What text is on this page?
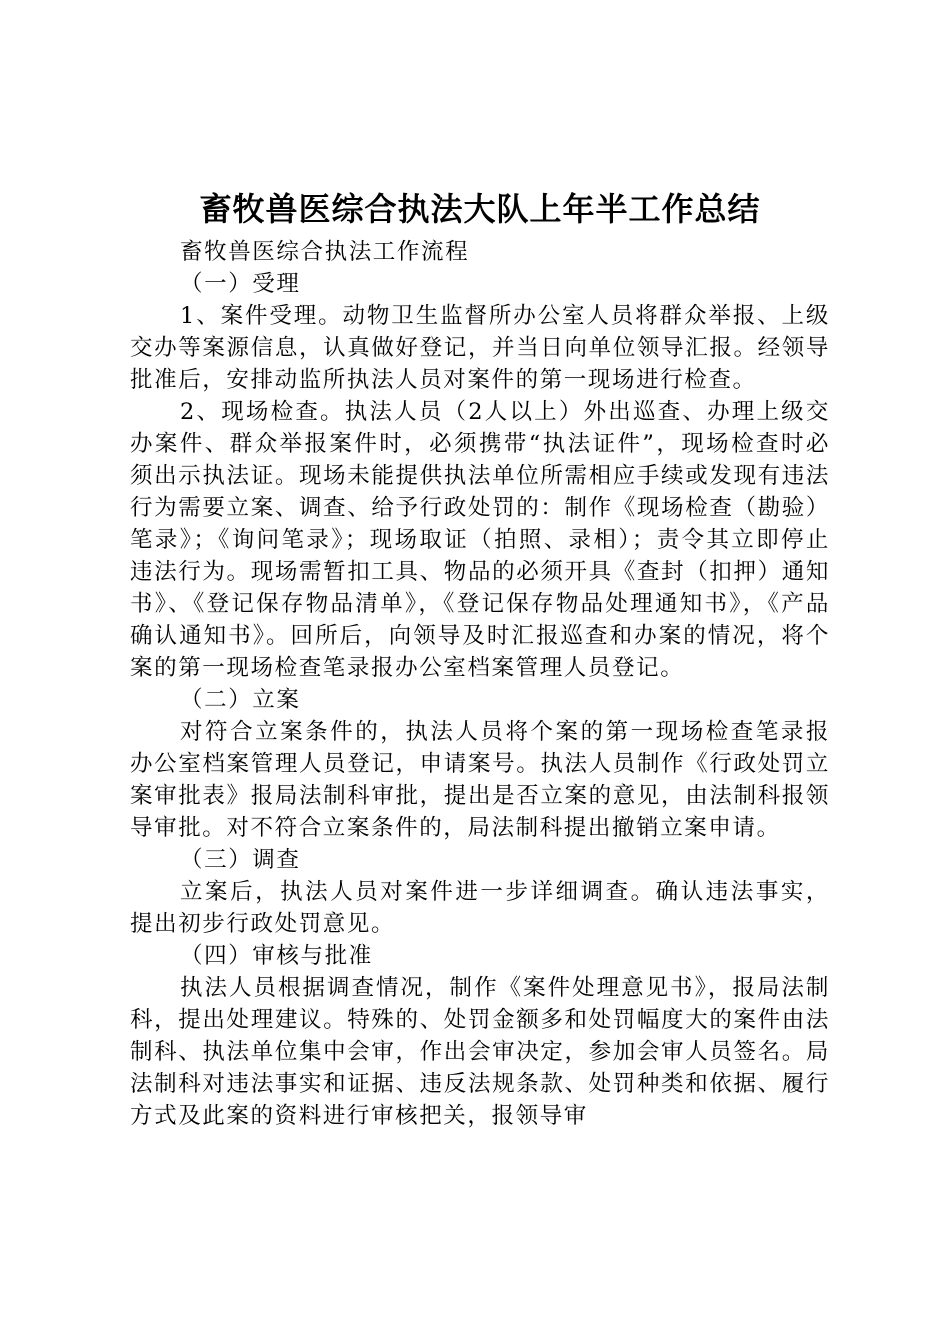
畜牧兽医综合执法大队上年半工作总结

畜牧兽医综合执法工作流程

（一）受理

1、案件受理。动物卫生监督所办公室人员将群众举报、上级交办等案源信息，认真做好登记，并当日向单位领导汇报。经领导批准后，安排动监所执法人员对案件的第一现场进行检查。

2、现场检查。执法人员（2人以上）外出巡查、办理上级交办案件、群众举报案件时，必须携带“执法证件”，现场检查时必须出示执法证。现场未能提供执法单位所需相应手续或发现有违法行为需要立案、调查、给予行政处罚的：制作《现场检查（勘验）笔录》；《询问笔录》；现场取证（拍照、录相）；责令其立即停止违法行为。现场需暂扣工具、物品的必须开具《查封（扣押）通知书》、《登记保存物品清单》，《登记保存物品处理通知书》，《产品确认通知书》。回所后，向领导及时汇报巡查和办案的情况，将个案的第一现场检查笔录报办公室档案管理人员登记。

（二）立案

对符合立案条件的，执法人员将个案的第一现场检查笔录报办公室档案管理人员登记，申请案号。执法人员制作《行政处罚立案审批表》报局法制科审批，提出是否立案的意见，由法制科报领导审批。对不符合立案条件的，局法制科提出撤销立案申请。

（三）调查

立案后，执法人员对案件进一步详细调查。确认违法事实，提出初步行政处罚意见。

（四）审核与批准

执法人员根据调查情况，制作《案件处理意见书》，报局法制科，提出处理建议。特殊的、处罚金额多和处罚幅度大的案件由法制科、执法单位集中会审，作出会审决定，参加会审人员签名。局法制科对违法事实和证据、违反法规条款、处罚种类和依据、履行方式及此案的资料进行审核把关，报领导审
